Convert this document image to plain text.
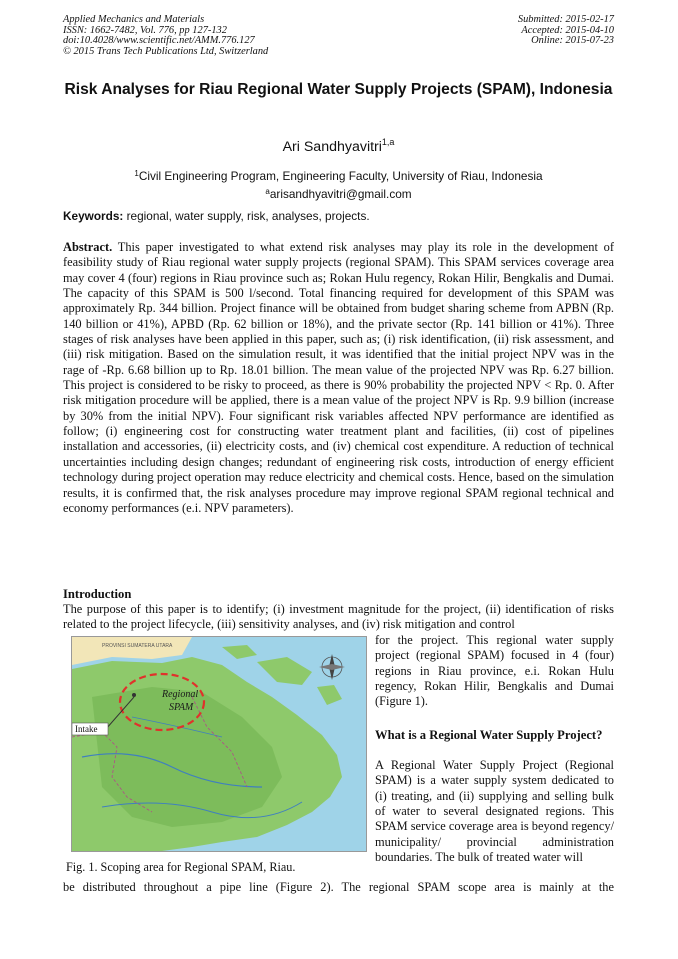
Applied Mechanics and Materials
ISSN: 1662-7482, Vol. 776, pp 127-132
doi:10.4028/www.scientific.net/AMM.776.127
© 2015 Trans Tech Publications Ltd, Switzerland
Submitted: 2015-02-17
Accepted: 2015-04-10
Online: 2015-07-23
Risk Analyses for Riau Regional Water Supply Projects (SPAM), Indonesia
Ari Sandhyavitri$^{1,a}$
$^1$Civil Engineering Program, Engineering Faculty, University of Riau, Indonesia
$^a$arisandhyavitri@gmail.com
Keywords: regional, water supply, risk, analyses, projects.

Abstract. This paper investigated to what extend risk analyses may play its role in the development of feasibility study of Riau regional water supply projects (regional SPAM). This SPAM services coverage area may cover 4 (four) regions in Riau province such as; Rokan Hulu regency, Rokan Hilir, Bengkalis and Dumai. The capacity of this SPAM is 500 l/second. Total financing required for development of this SPAM was approximately Rp. 344 billion. Project finance will be obtained from budget sharing scheme from APBN (Rp. 140 billion or 41%), APBD (Rp. 62 billion or 18%), and the private sector (Rp. 141 billion or 41%). Three stages of risk analyses have been applied in this paper, such as; (i) risk identification, (ii) risk assessment, and (iii) risk mitigation. Based on the simulation result, it was identified that the initial project NPV was in the rage of -Rp. 6.68 billion up to Rp. 18.01 billion. The mean value of the projected NPV was Rp. 6.27 billion. This project is considered to be risky to proceed, as there is 90% probability the projected NPV < Rp. 0. After risk mitigation procedure will be applied, there is a mean value of the project NPV is Rp. 9.9 billion (increase by 30% from the initial NPV). Four significant risk variables affected NPV performance are identified as follow; (i) engineering cost for constructing water treatment plant and facilities, (ii) cost of pipelines installation and accessories, (ii) electricity costs, and (iv) chemical cost expenditure. A reduction of technical uncertainties including design changes; redundant of engineering risk costs, introduction of energy efficient technology during project operation may reduce electricity and chemical costs. Hence, based on the simulation results, it is confirmed that, the risk analyses procedure may improve regional SPAM regional technical and economy performances (e.i. NPV parameters).

Introduction

The purpose of this paper is to identify; (i) investment magnitude for the project, (ii) identification of risks related to the project lifecycle, (iii) sensitivity analyses, and (iv) risk mitigation and control

Intake
Regional
SPAM
PROVINSI SUMATERA UTARA
Fig. 1. Scoping area for Regional SPAM, Riau.
for the project. This regional water supply project (regional SPAM) focused in 4 (four) regions in Riau province, e.i. Rokan Hulu regency, Rokan Hilir, Bengkalis and Dumai (Figure 1).
What is a Regional Water Supply Project?
A Regional Water Supply Project (Regional SPAM) is a water supply system dedicated to (i) treating, and (ii) supplying and selling bulk of water to several designated regions. This SPAM service coverage area is beyond regency/ municipality/ provincial administration boundaries. The bulk of treated water will
be distributed throughout a pipe line (Figure 2). The regional SPAM scope area is mainly at the
